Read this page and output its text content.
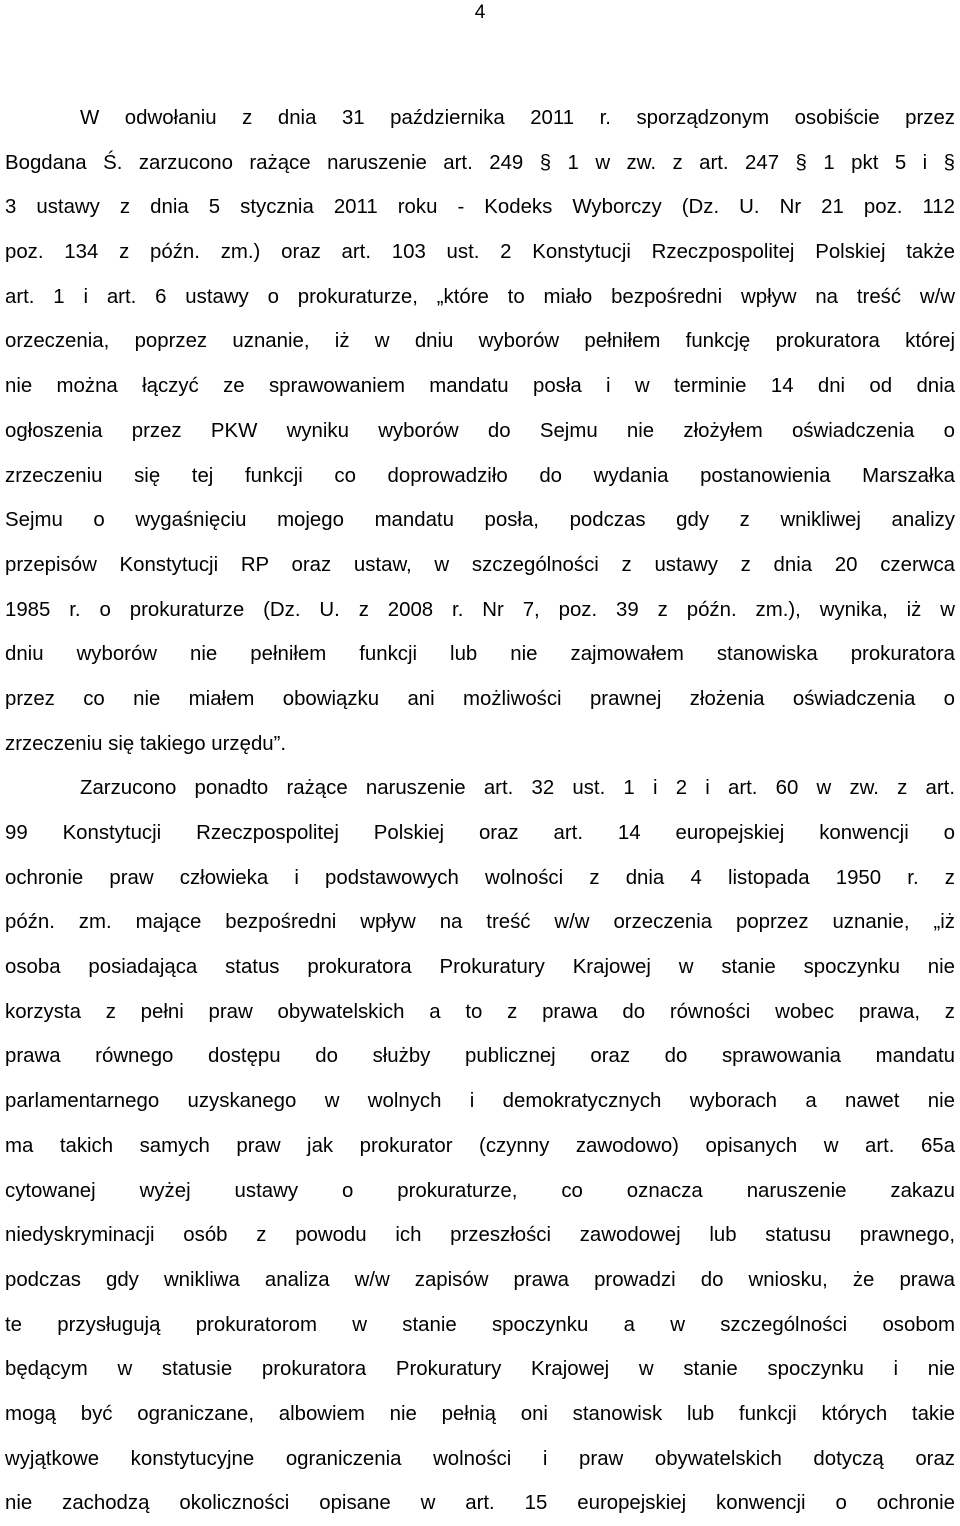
4
W odwołaniu z dnia 31 października 2011 r. sporządzonym osobiście przez
Bogdana Ś. zarzucono rażące naruszenie art. 249 § 1 w zw. z art. 247 § 1 pkt 5 i §
3 ustawy z dnia 5 stycznia 2011 roku - Kodeks Wyborczy (Dz. U. Nr 21 poz. 112
poz. 134 z późn. zm.) oraz art. 103 ust. 2 Konstytucji Rzeczpospolitej Polskiej także
art. 1 i art. 6 ustawy o prokuraturze, „które to miało bezpośredni wpływ na treść w/w
orzeczenia, poprzez uznanie, iż w dniu wyborów pełniłem funkcję prokuratora której
nie można łączyć ze sprawowaniem mandatu posła i w terminie 14 dni od dnia
ogłoszenia przez PKW wyniku wyborów do Sejmu nie złożyłem oświadczenia o
zrzeczeniu się tej funkcji co doprowadziło do wydania postanowienia Marszałka
Sejmu o wygaśnięciu mojego mandatu posła, podczas gdy z wnikliwej analizy
przepisów Konstytucji RP oraz ustaw, w szczególności z ustawy z dnia 20 czerwca
1985 r. o prokuraturze (Dz. U. z 2008 r. Nr 7, poz. 39 z późn. zm.), wynika, iż w
dniu wyborów nie pełniłem funkcji lub nie zajmowałem stanowiska prokuratora
przez co nie miałem obowiązku ani możliwości prawnej złożenia oświadczenia o
zrzeczeniu się takiego urzędu”.
Zarzucono ponadto rażące naruszenie art. 32 ust. 1 i 2 i art. 60 w zw. z art.
99 Konstytucji Rzeczpospolitej Polskiej oraz art. 14 europejskiej konwencji o
ochronie praw człowieka i podstawowych wolności z dnia 4 listopada 1950 r. z
późn. zm. mające bezpośredni wpływ na treść w/w orzeczenia poprzez uznanie, „iż
osoba posiadająca status prokuratora Prokuratury Krajowej w stanie spoczynku nie
korzysta z pełni praw obywatelskich a to z prawa do równości wobec prawa, z
prawa równego dostępu do służby publicznej oraz do sprawowania mandatu
parlamentarnego uzyskanego w wolnych i demokratycznych wyborach a nawet nie
ma takich samych praw jak prokurator (czynny zawodowo) opisanych w art. 65a
cytowanej wyżej ustawy o prokuraturze, co oznacza naruszenie zakazu
niedyskryminacji osób z powodu ich przeszłości zawodowej lub statusu prawnego,
podczas gdy wnikliwa analiza w/w zapisów prawa prowadzi do wniosku, że prawa
te przysługują prokuratorom w stanie spoczynku a w szczególności osobom
będącym w statusie prokuratora Prokuratury Krajowej w stanie spoczynku i nie
mogą być ograniczane, albowiem nie pełnią oni stanowisk lub funkcji których takie
wyjątkowe konstytucyjne ograniczenia wolności i praw obywatelskich dotyczą oraz
nie zachodzą okoliczności opisane w art. 15 europejskiej konwencji o ochronie
